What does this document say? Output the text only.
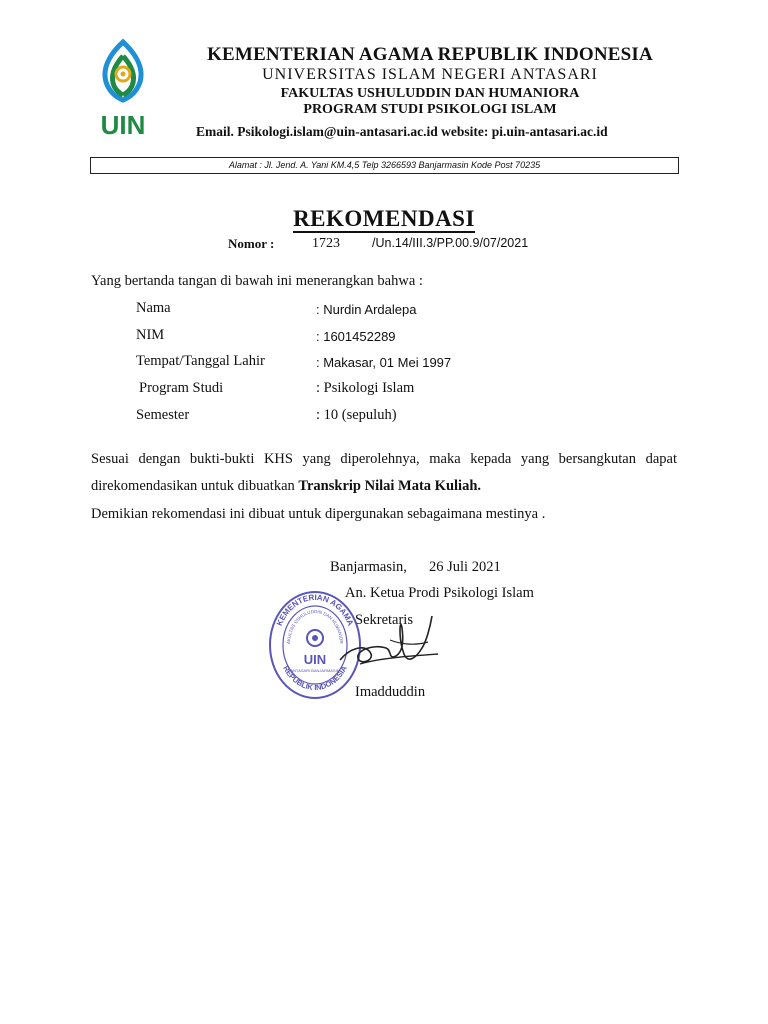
UIN
KEMENTERIAN AGAMA REPUBLIK INDONESIA
UNIVERSITAS ISLAM NEGERI ANTASARI
FAKULTAS USHULUDDIN DAN HUMANIORA
PROGRAM STUDI PSIKOLOGI ISLAM
Email. Psikologi.islam@uin-antasari.ac.id website: pi.uin-antasari.ac.id
Alamat : Jl. Jend. A. Yani KM.4,5 Telp 3266593 Banjarmasin Kode Post 70235
REKOMENDASI
Nomor :	1723	/Un.14/III.3/PP.00.9/07/2021
Yang bertanda tangan di bawah ini menerangkan bahwa :
Nama	: Nurdin Ardalepa
NIM	: 1601452289
Tempat/Tanggal Lahir	: Makasar, 01 Mei 1997
Program Studi	: Psikologi Islam
Semester	: 10 (sepuluh)
Sesuai dengan bukti-bukti KHS yang diperolehnya, maka kepada yang bersangkutan dapat direkomendasikan untuk dibuatkan Transkrip Nilai Mata Kuliah.
Demikian rekomendasi ini dibuat untuk dipergunakan sebagaimana mestinya .
Banjarmasin, 26 Juli 2021
An. Ketua Prodi Psikologi Islam
Sekretaris
Imadduddin
KEMENTERIAN AGAMA
REPUBLIK INDONESIA
AKULTAS USHULUDDIN DAN HUMANIOR
UIN
ANTASARI BANJARMASIN
